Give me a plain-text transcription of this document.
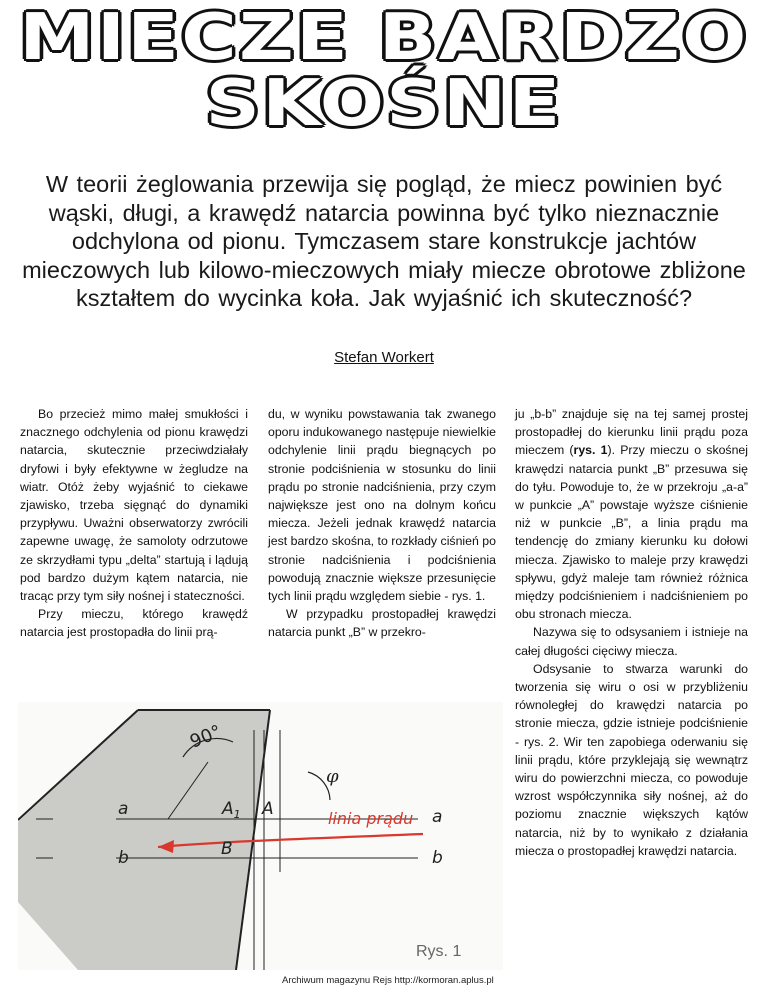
MIECZE BARDZO
SKOŚNE
W teorii żeglowania przewija się pogląd, że miecz powinien być wąski, długi, a krawędź natarcia powinna być tylko nieznacznie odchylona od pionu. Tymczasem stare konstrukcje jachtów mieczowych lub kilowo-mieczowych miały miecze obrotowe zbliżone kształtem do wycinka koła. Jak wyjaśnić ich skuteczność?
Stefan Workert

Bo przecież mimo małej smukłości i znacznego odchylenia od pionu krawędzi natarcia, skutecznie przeciwdziałały dryfowi i były efektywne w żegludze na wiatr. Otóż żeby wyjaśnić to ciekawe zjawisko, trzeba sięgnąć do dynamiki przypływu. Uważni obserwatorzy zwrócili zapewne uwagę, że samoloty odrzutowe ze skrzydłami typu „delta” startują i lądują pod bardzo dużym kątem natarcia, nie tracąc przy tym siły nośnej i stateczności.

Przy mieczu, którego krawędź natarcia jest prostopadła do linii prą-

du, w wyniku powstawania tak zwanego oporu indukowanego następuje niewielkie odchylenie linii prądu biegnących po stronie podciśnienia w stosunku do linii prądu po stronie nadciśnienia, przy czym największe jest ono na dolnym końcu miecza. Jeżeli jednak krawędź natarcia jest bardzo skośna, to rozkłady ciśnień po stronie nadciśnienia i podciśnienia powodują znacznie większe przesunięcie tych linii prądu względem siebie - rys. 1.

W przypadku prostopadłej krawędzi natarcia punkt „B” w przekro-

ju „b-b” znajduje się na tej samej prostej prostopadłej do kierunku linii prądu poza mieczem (rys. 1). Przy mieczu o skośnej krawędzi natarcia punkt „B” przesuwa się do tyłu. Powoduje to, że w przekroju „a-a” w punkcie „A” powstaje wyższe ciśnienie niż w punkcie „B”, a linia prądu ma tendencję do zmiany kierunku ku dołowi miecza. Zjawisko to maleje przy krawędzi spływu, gdyż maleje tam również różnica między podciśnieniem i nadciśnieniem po obu stronach miecza.

Nazywa się to odsysaniem i istnieje na całej długości cięciwy miecza.

Odsysanie to stwarza warunki do tworzenia się wiru o osi w przybliżeniu równoległej do krawędzi natarcia po stronie miecza, gdzie istnieje podciśnienie - rys. 2. Wir ten zapobiega oderwaniu się linii prądu, które przyklejają się wewnątrz wiru do powierzchni miecza, co powoduje wzrost współczynnika siły nośnej, aż do poziomu znacznie większych kątów natarcia, niż by to wynikało z działania miecza o prostopadłej krawędzi natarcia.

90°
φ
linia prądu
a	a
b	b
$A_1$ A
B
Rys. 1
Archiwum magazynu Rejs http://kormoran.aplus.pl
